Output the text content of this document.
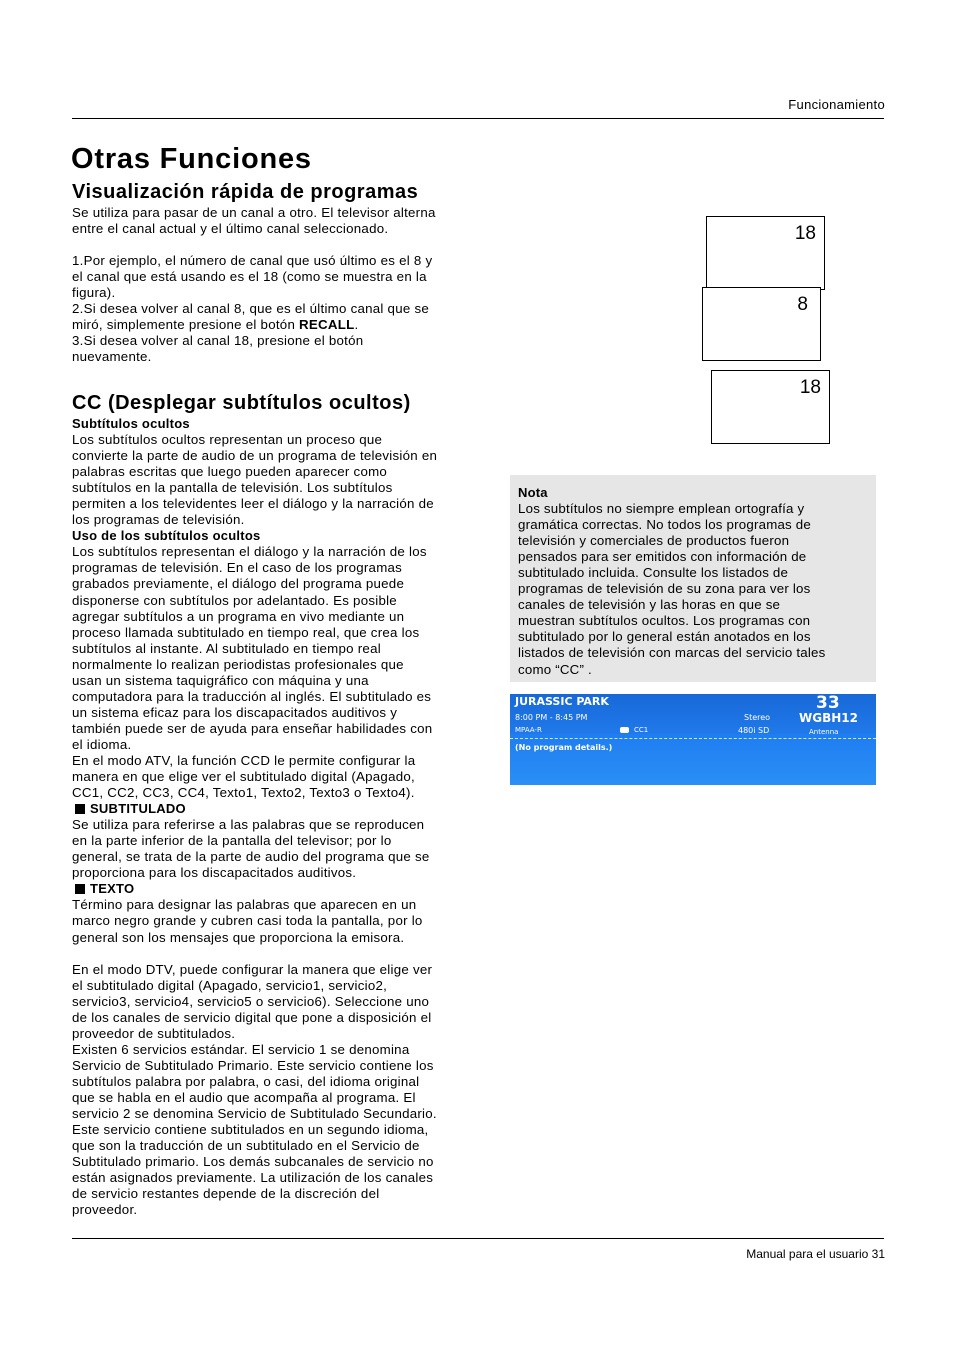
Funcionamiento
Otras Funciones
Visualización rápida de programas

Se utiliza para pasar de un canal a otro. El televisor alterna
entre el canal actual y el último canal seleccionado.

1.Por ejemplo, el número de canal que usó último es el 8 y
el canal que está usando es el 18 (como se muestra en la
figura).
2.Si desea volver al canal 8, que es el último canal que se
miró, simplemente presione el botón RECALL.

3.Si desea volver al canal 18, presione el botón
nuevamente.

18
8
18
CC (Desplegar subtítulos ocultos)

Subtítulos ocultos

Los subtítulos ocultos representan un proceso que
convierte la parte de audio de un programa de televisión en
palabras escritas que luego pueden aparecer como
subtítulos en la pantalla de televisión. Los subtítulos
permiten a los televidentes leer el diálogo y la narración de
los programas de televisión.

Uso de los subtítulos ocultos

Los subtítulos representan el diálogo y la narración de los
programas de televisión. En el caso de los programas
grabados previamente, el diálogo del programa puede
disponerse con subtítulos por adelantado. Es posible
agregar subtítulos a un programa en vivo mediante un
proceso llamada subtitulado en tiempo real, que crea los
subtítulos al instante. Al subtitulado en tiempo real
normalmente lo realizan periodistas profesionales que
usan un sistema taquigráfico con máquina y una
computadora para la traducción al inglés. El subtitulado es
un sistema eficaz para los discapacitados auditivos y
también puede ser de ayuda para enseñar habilidades con
el idioma.
En el modo ATV, la función CCD le permite configurar la
manera en que elige ver el subtitulado digital (Apagado,
CC1, CC2, CC3, CC4, Texto1, Texto2, Texto3 o Texto4).

SUBTITULADO

Se utiliza para referirse a las palabras que se reproducen
en la parte inferior de la pantalla del televisor; por lo
general, se trata de la parte de audio del programa que se
proporciona para los discapacitados auditivos.

TEXTO

Término para designar las palabras que aparecen en un
marco negro grande y cubren casi toda la pantalla, por lo
general son los mensajes que proporciona la emisora.

En el modo DTV, puede configurar la manera que elige ver
el subtitulado digital (Apagado, servicio1, servicio2,
servicio3, servicio4, servicio5 o servicio6). Seleccione uno
de los canales de servicio digital que pone a disposición el
proveedor de subtitulados.
Existen 6 servicios estándar. El servicio 1 se denomina
Servicio de Subtitulado Primario. Este servicio contiene los
subtítulos palabra por palabra, o casi, del idioma original
que se habla en el audio que acompaña al programa. El
servicio 2 se denomina Servicio de Subtitulado Secundario.
Este servicio contiene subtitulados en un segundo idioma,
que son la traducción de un subtitulado en el Servicio de
Subtitulado primario. Los demás subcanales de servicio no
están asignados previamente. La utilización de los canales
de servicio restantes depende de la discreción del
proveedor.

Nota

Los subtítulos no siempre emplean ortografía y
gramática correctas. No todos los programas de
televisión y comerciales de productos fueron
pensados para ser emitidos con información de
subtitulado incluida. Consulte los listados de
programas de televisión de su zona para ver los
canales de televisión y las horas en que se
muestran subtítulos ocultos. Los programas con
subtitulado por lo general están anotados en los
listados de televisión con marcas del servicio tales
como “CC” .

JURASSIC PARK
8:00 PM - 8:45 PM
MPAA-R	CC1
Stereo
480i SD
33
WGBH12
Antenna
(No program details.)
Manual para el usuario 31
